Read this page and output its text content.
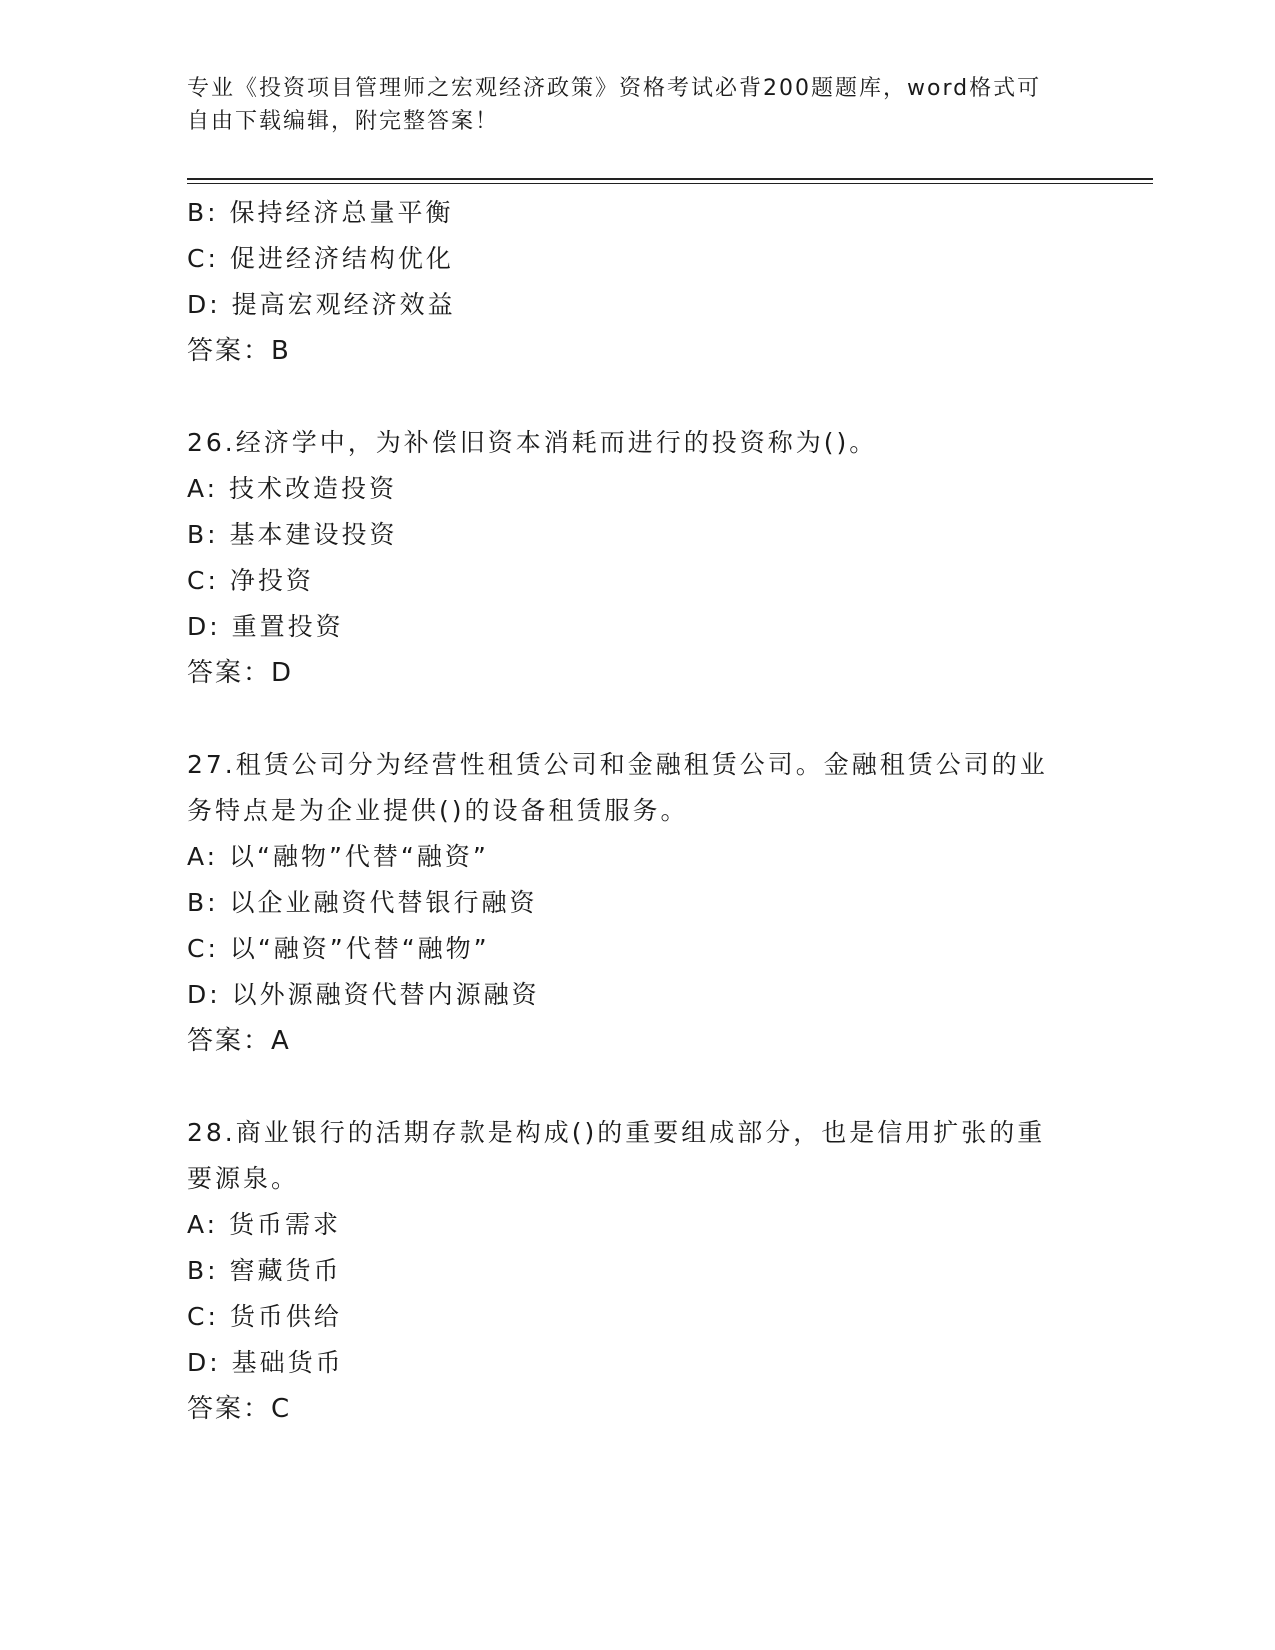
专业《投资项目管理师之宏观经济政策》资格考试必背200题题库，word格式可
自由下载编辑，附完整答案！
B: 保持经济总量平衡
C: 促进经济结构优化
D: 提高宏观经济效益
答案：B
26.经济学中，为补偿旧资本消耗而进行的投资称为()。
A: 技术改造投资
B: 基本建设投资
C: 净投资
D: 重置投资
答案：D
27.租赁公司分为经营性租赁公司和金融租赁公司。金融租赁公司的业
务特点是为企业提供()的设备租赁服务。
A: 以“融物”代替“融资”
B: 以企业融资代替银行融资
C: 以“融资”代替“融物”
D: 以外源融资代替内源融资
答案：A
28.商业银行的活期存款是构成()的重要组成部分，也是信用扩张的重
要源泉。
A: 货币需求
B: 窖藏货币
C: 货币供给
D: 基础货币
答案：C
